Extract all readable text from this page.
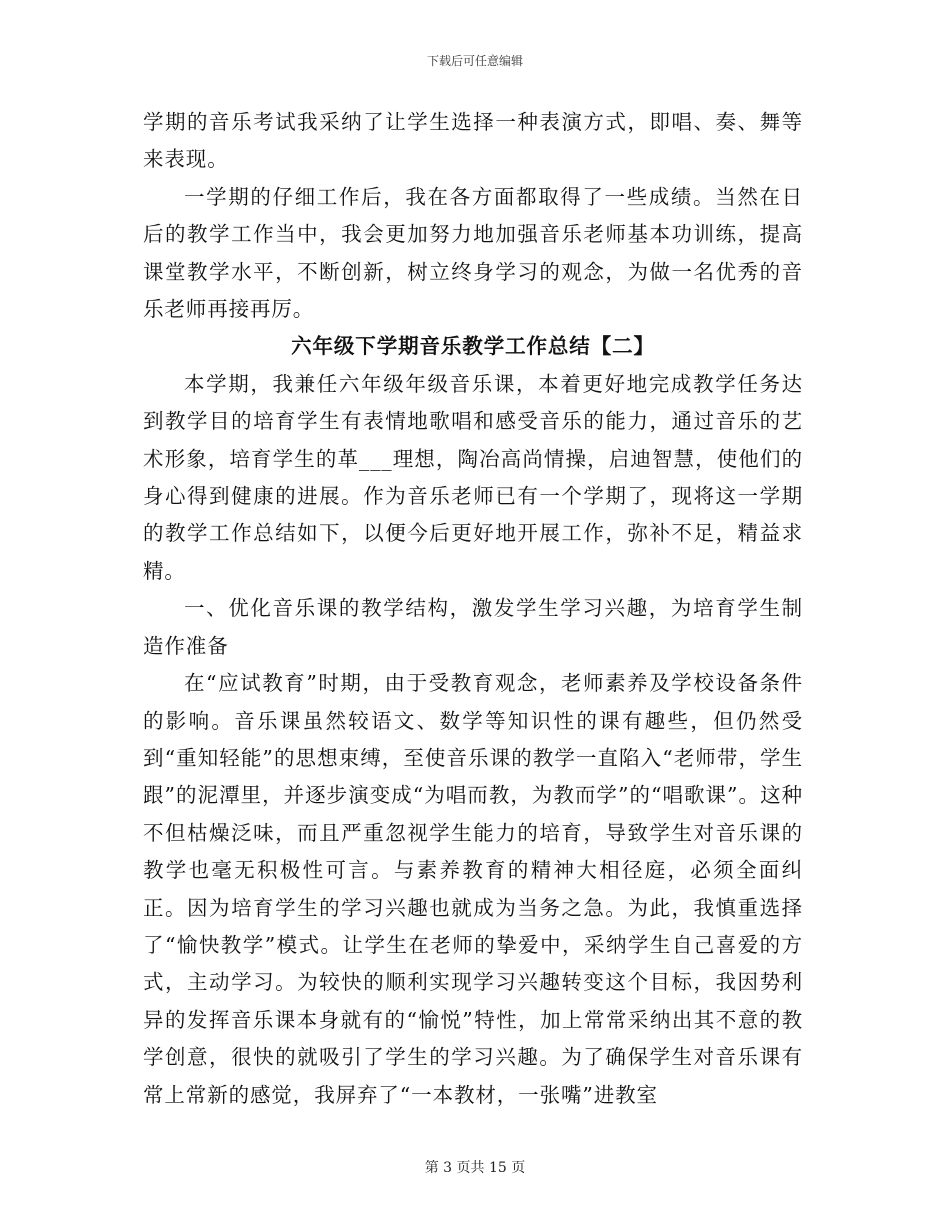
下载后可任意编辑

学期的音乐考试我采纳了让学生选择一种表演方式，即唱、奏、舞等来表现。

一学期的仔细工作后，我在各方面都取得了一些成绩。当然在日后的教学工作当中，我会更加努力地加强音乐老师基本功训练，提高课堂教学水平，不断创新，树立终身学习的观念，为做一名优秀的音乐老师再接再厉。

六年级下学期音乐教学工作总结【二】

本学期，我兼任六年级年级音乐课，本着更好地完成教学任务达到教学目的培育学生有表情地歌唱和感受音乐的能力，通过音乐的艺术形象，培育学生的革___理想，陶冶高尚情操，启迪智慧，使他们的身心得到健康的进展。作为音乐老师已有一个学期了，现将这一学期的教学工作总结如下，以便今后更好地开展工作，弥补不足，精益求精。

一、优化音乐课的教学结构，激发学生学习兴趣，为培育学生制造作准备

在“应试教育”时期，由于受教育观念，老师素养及学校设备条件的影响。音乐课虽然较语文、数学等知识性的课有趣些，但仍然受到“重知轻能”的思想束缚，至使音乐课的教学一直陷入“老师带，学生跟”的泥潭里，并逐步演变成“为唱而教，为教而学”的“唱歌课”。这种不但枯燥泛味，而且严重忽视学生能力的培育，导致学生对音乐课的教学也毫无积极性可言。与素养教育的精神大相径庭，必须全面纠正。因为培育学生的学习兴趣也就成为当务之急。为此，我慎重选择了“愉快教学”模式。让学生在老师的挚爱中，采纳学生自己喜爱的方式，主动学习。为较快的顺利实现学习兴趣转变这个目标，我因势利异的发挥音乐课本身就有的“愉悦”特性，加上常常采纳出其不意的教学创意，很快的就吸引了学生的学习兴趣。为了确保学生对音乐课有常上常新的感觉，我屏弃了“一本教材，一张嘴”进教室

第 3 页共 15 页
